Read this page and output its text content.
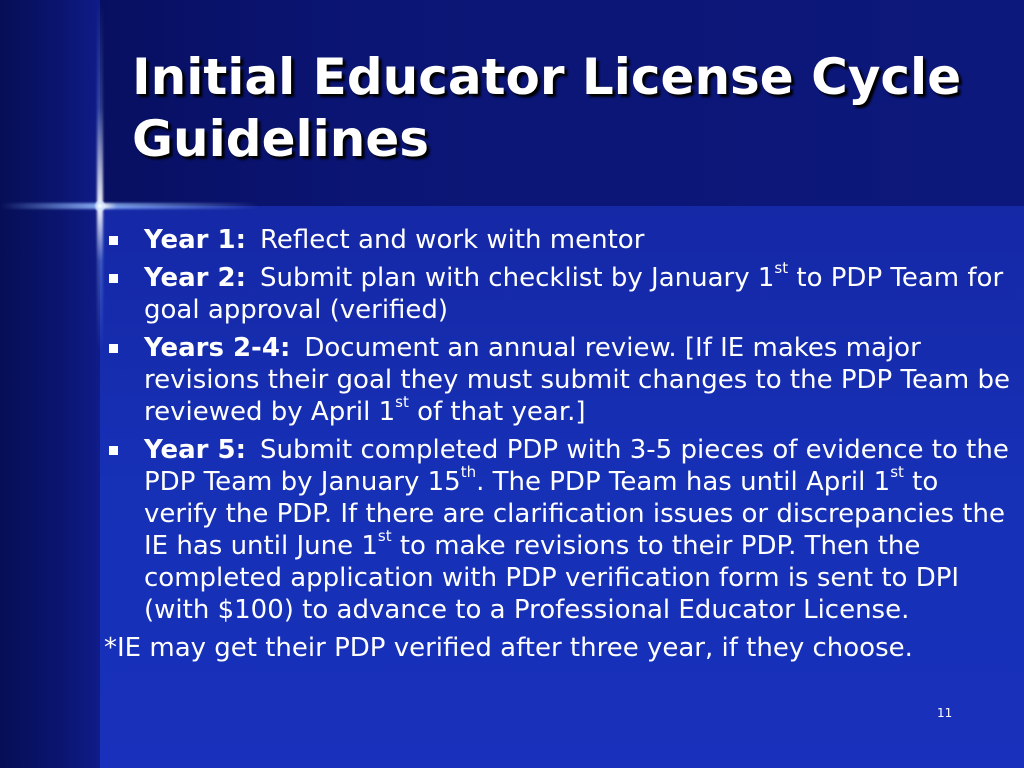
Initial Educator License Cycle Guidelines
Year 1: Reflect and work with mentor
Year 2: Submit plan with checklist by January 1st to PDP Team for goal approval (verified)
Years 2-4: Document an annual review. [If IE makes major revisions their goal they must submit changes to the PDP Team be reviewed by April 1st of that year.]
Year 5: Submit completed PDP with 3-5 pieces of evidence to the PDP Team by January 15th. The PDP Team has until April 1st to verify the PDP. If there are clarification issues or discrepancies the IE has until June 1st to make revisions to their PDP. Then the completed application with PDP verification form is sent to DPI (with $100) to advance to a Professional Educator License.
*IE may get their PDP verified after three year, if they choose.
11
